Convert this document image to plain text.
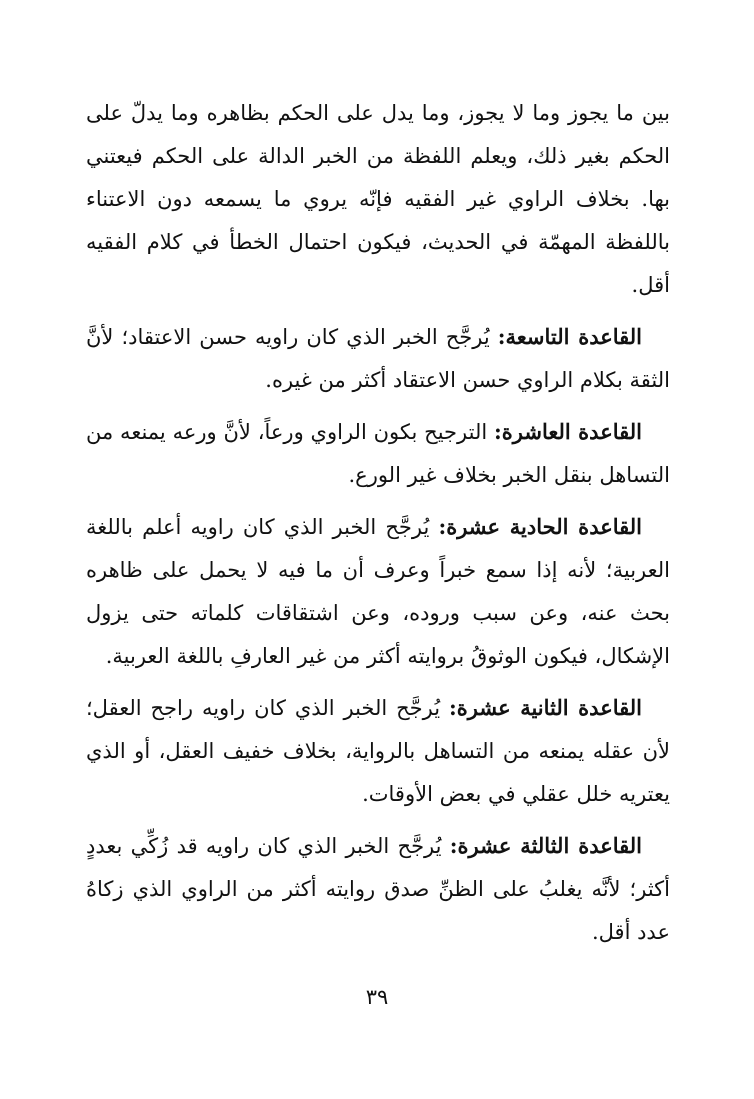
بين ما يجوز وما لا يجوز، وما يدل على الحكم بظاهره وما يدلّ على الحكم بغير ذلك، ويعلم اللفظة من الخبر الدالة على الحكم فيعتني بها. بخلاف الراوي غير الفقيه فإنّه يروي ما يسمعه دون الاعتناء باللفظة المهمّة في الحديث، فيكون احتمال الخطأ في كلام الفقيه أقل.

القاعدة التاسعة: يُرجَّح الخبر الذي كان راويه حسن الاعتقاد؛ لأنَّ الثقة بكلام الراوي حسن الاعتقاد أكثر من غيره.

القاعدة العاشرة: الترجيح بكون الراوي ورعاً، لأنَّ ورعه يمنعه من التساهل بنقل الخبر بخلاف غير الورع.

القاعدة الحادية عشرة: يُرجَّح الخبر الذي كان راويه أعلم باللغة العربية؛ لأنه إذا سمع خبراً وعرف أن ما فيه لا يحمل على ظاهره بحث عنه، وعن سبب وروده، وعن اشتقاقات كلماته حتى يزول الإشكال، فيكون الوثوقُ بروايته أكثر من غير العارفِ باللغة العربية.

القاعدة الثانية عشرة: يُرجَّح الخبر الذي كان راويه راجح العقل؛ لأن عقله يمنعه من التساهل بالرواية، بخلاف خفيف العقل، أو الذي يعتريه خلل عقلي في بعض الأوقات.

القاعدة الثالثة عشرة: يُرجَّح الخبر الذي كان راويه قد زُكِّي بعددٍ أكثر؛ لأنَّه يغلبُ على الظنِّ صدق روايته أكثر من الراوي الذي زكاهُ عدد أقل.

٣٩
